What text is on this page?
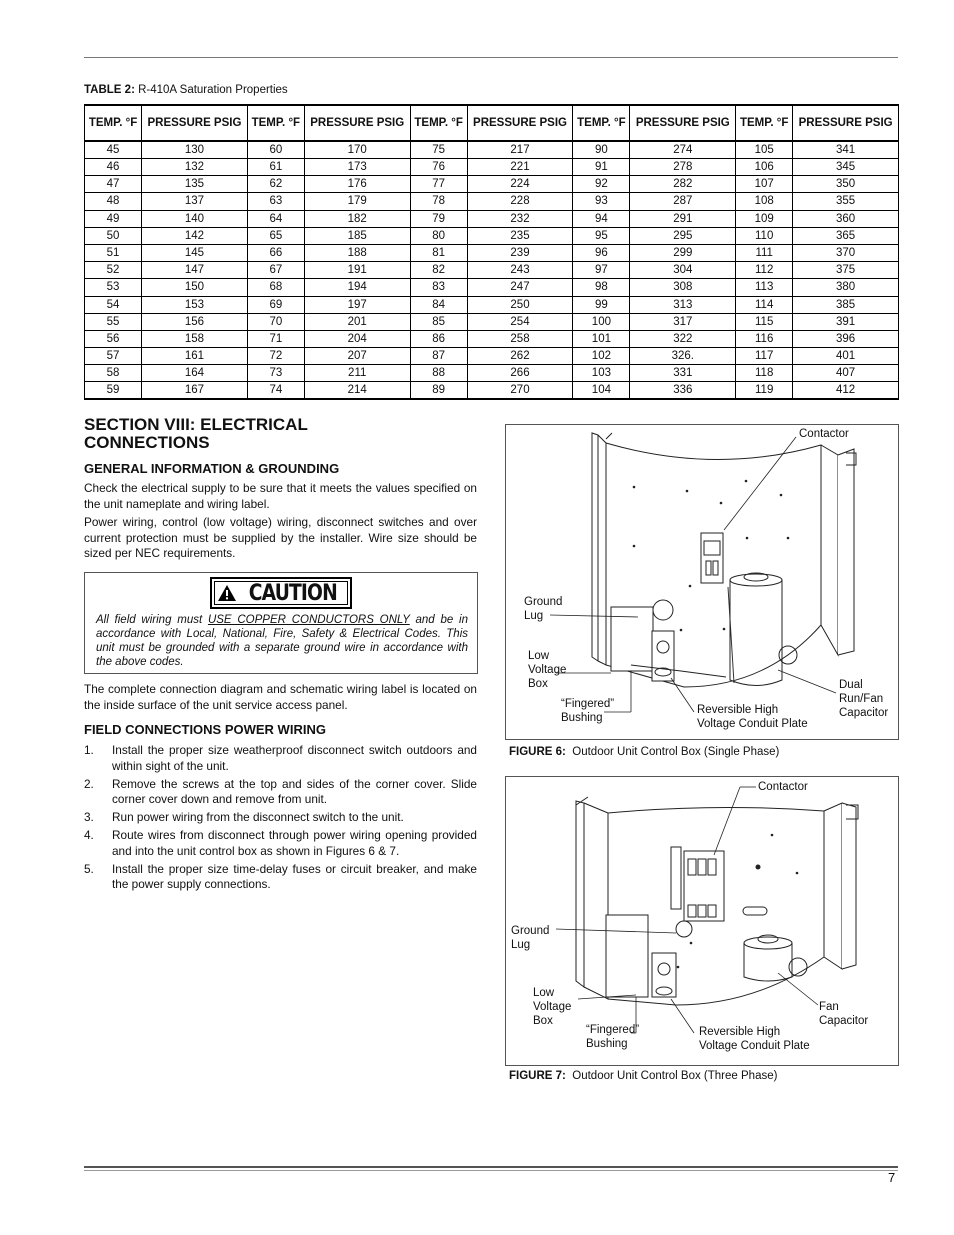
TABLE 2: R-410A Saturation Properties
TEMP. °F	PRESSURE PSIG	TEMP. °F	PRESSURE PSIG	TEMP. °F	PRESSURE PSIG	TEMP. °F	PRESSURE PSIG	TEMP. °F	PRESSURE PSIG
45	130	60	170	75	217	90	274	105	341
46	132	61	173	76	221	91	278	106	345
47	135	62	176	77	224	92	282	107	350
48	137	63	179	78	228	93	287	108	355
49	140	64	182	79	232	94	291	109	360
50	142	65	185	80	235	95	295	110	365
51	145	66	188	81	239	96	299	111	370
52	147	67	191	82	243	97	304	112	375
53	150	68	194	83	247	98	308	113	380
54	153	69	197	84	250	99	313	114	385
55	156	70	201	85	254	100	317	115	391
56	158	71	204	86	258	101	322	116	396
57	161	72	207	87	262	102	326.	117	401
58	164	73	211	88	266	103	331	118	407
59	167	74	214	89	270	104	336	119	412
SECTION VIII: ELECTRICAL CONNECTIONS
GENERAL INFORMATION & GROUNDING
Check the electrical supply to be sure that it meets the values specified on the unit nameplate and wiring label.
Power wiring, control (low voltage) wiring, disconnect switches and over current protection must be supplied by the installer. Wire size should be sized per NEC requirements.
CAUTION
All field wiring must USE COPPER CONDUCTORS ONLY and be in accordance with Local, National, Fire, Safety & Electrical Codes. This unit must be grounded with a separate ground wire in accordance with the above codes.
The complete connection diagram and schematic wiring label is located on the inside surface of the unit service access panel.
FIELD CONNECTIONS POWER WIRING
1.	Install the proper size weatherproof disconnect switch outdoors and within sight of the unit.
2.	Remove the screws at the top and sides of the corner cover. Slide corner cover down and remove from unit.
3.	Run power wiring from the disconnect switch to the unit.
4.	Route wires from disconnect through power wiring opening provided and into the unit control box as shown in Figures 6 & 7.
5.	Install the proper size time-delay fuses or circuit breaker, and make the power supply connections.
Contactor
Ground
Lug
Low
Voltage
Box
“Fingered”
Bushing
Reversible High
Voltage Conduit Plate
Dual
Run/Fan
Capacitor
FIGURE 6:  Outdoor Unit Control Box (Single Phase)
Contactor
Ground
Lug
Low
Voltage
Box
“Fingered”
Bushing
Reversible High
Voltage Conduit Plate
Fan
Capacitor
FIGURE 7:  Outdoor Unit Control Box (Three Phase)
7
